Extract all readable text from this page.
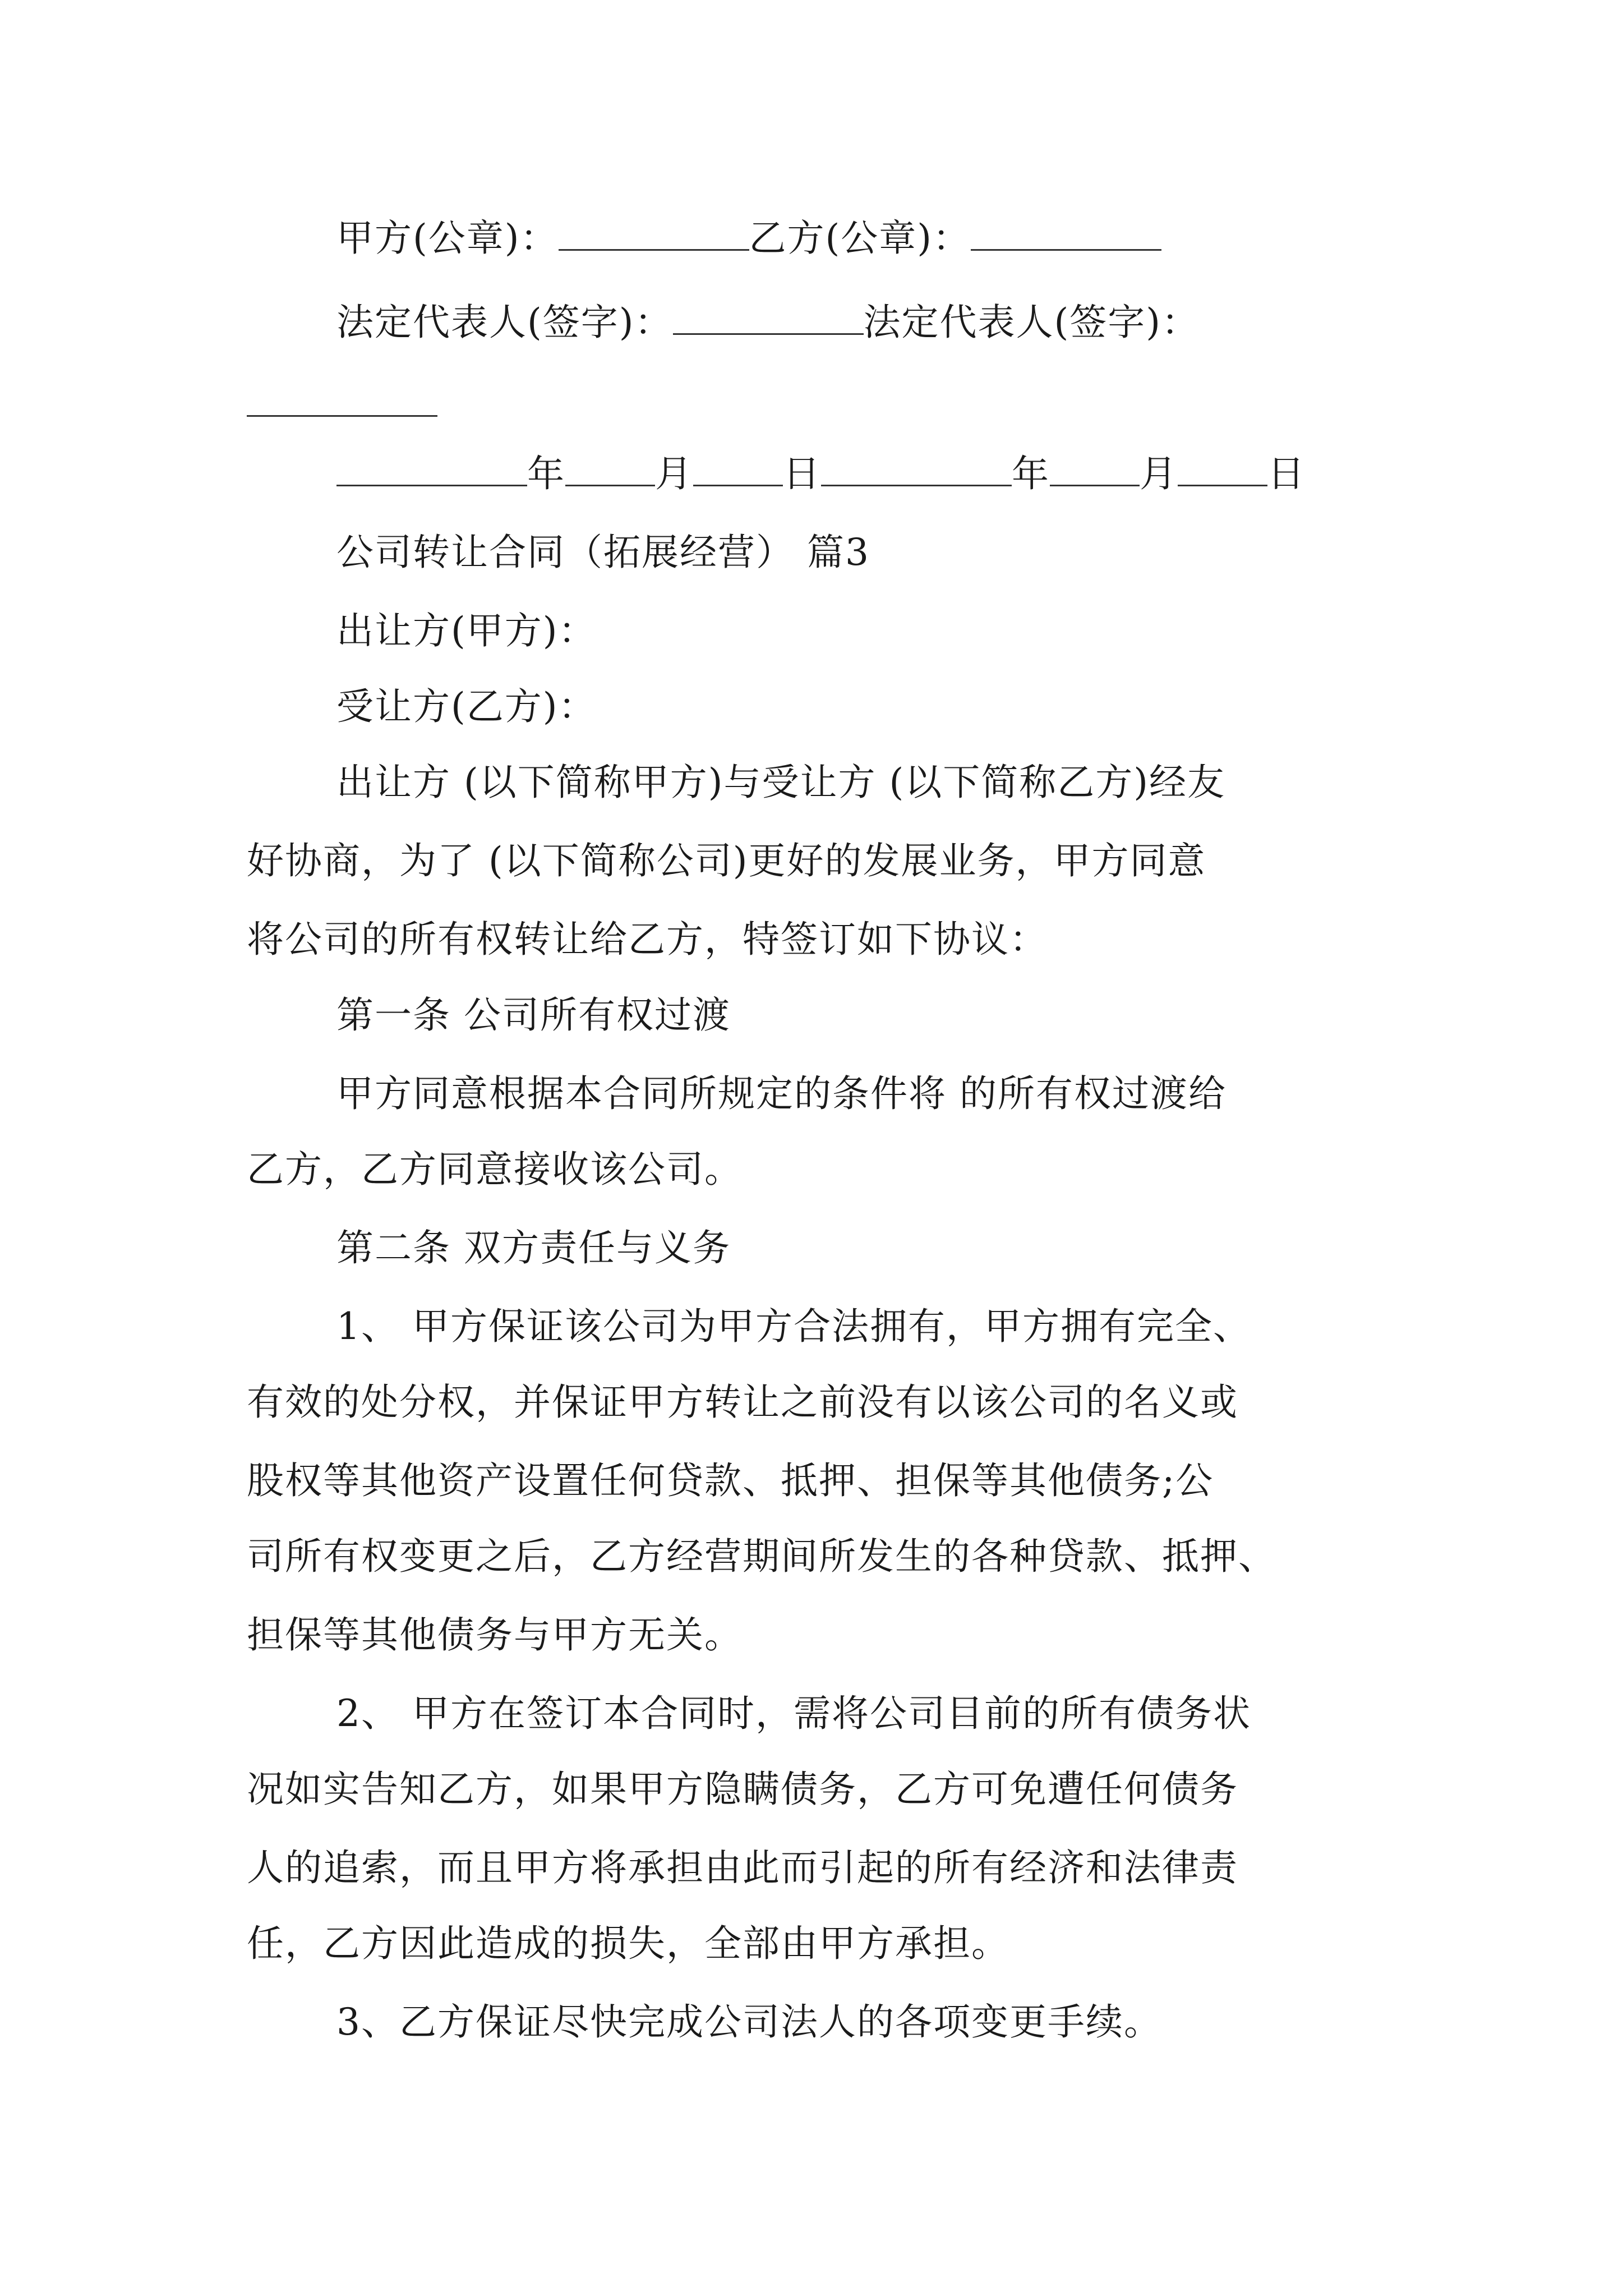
甲方(公章)：	乙方(公章)：
法定代表人(签字)：	法定代表人(签字)：
年 月 日	年 月 日
公司转让合同（拓展经营） 篇3
出让方(甲方)：
受让方(乙方)：
出让方 (以下简称甲方)与受让方 (以下简称乙方)经友
好协商，为了 (以下简称公司)更好的发展业务，甲方同意
将公司的所有权转让给乙方，特签订如下协议：
第一条 公司所有权过渡
甲方同意根据本合同所规定的条件将 的所有权过渡给
乙方，乙方同意接收该公司。
第二条 双方责任与义务
1、 甲方保证该公司为甲方合法拥有，甲方拥有完全、
有效的处分权，并保证甲方转让之前没有以该公司的名义或
股权等其他资产设置任何贷款、抵押、担保等其他债务;公
司所有权变更之后，乙方经营期间所发生的各种贷款、抵押、
担保等其他债务与甲方无关。
2、 甲方在签订本合同时，需将公司目前的所有债务状
况如实告知乙方，如果甲方隐瞒债务，乙方可免遭任何债务
人的追索，而且甲方将承担由此而引起的所有经济和法律责
任，乙方因此造成的损失，全部由甲方承担。
3、乙方保证尽快完成公司法人的各项变更手续。
